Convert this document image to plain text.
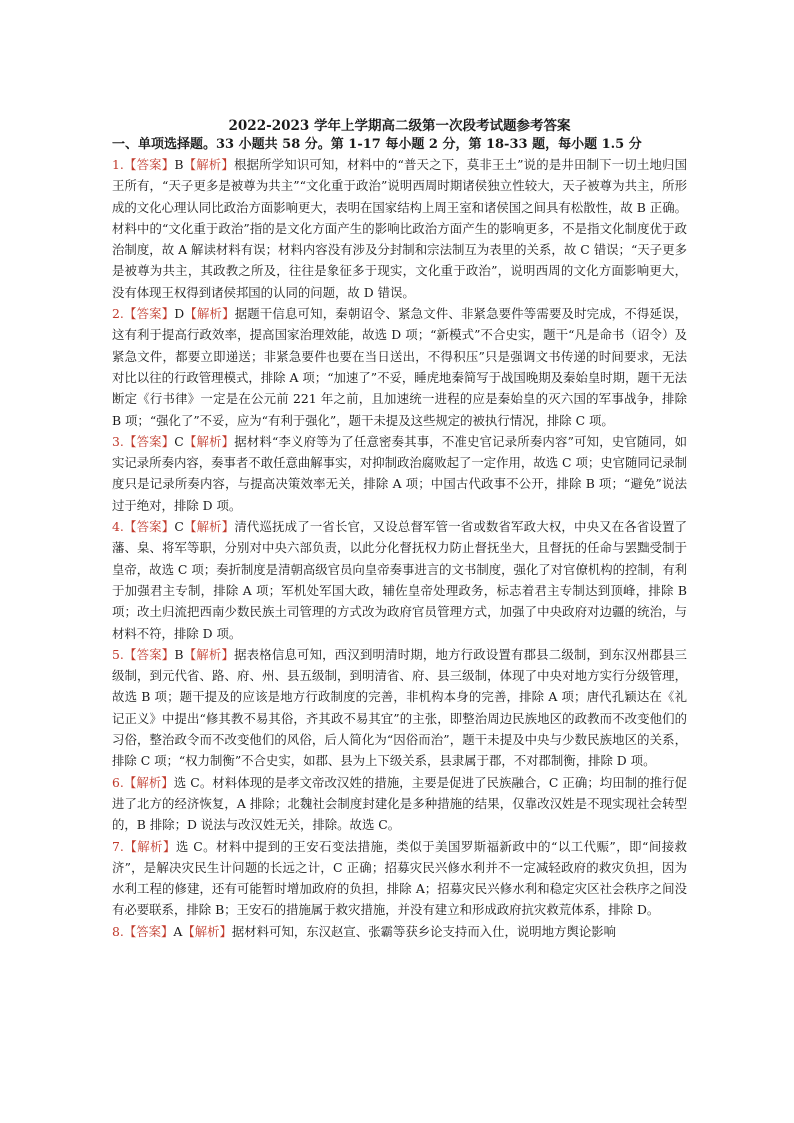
2022-2023 学年上学期高二级第一次段考试题参考答案

一、单项选择题。33 小题共 58 分。第 1-17 每小题 2 分，第 18-33 题，每小题 1.5 分

1.【答案】B【解析】根据所学知识可知，材料中的“普天之下，莫非王土”说的是井田制下一切土地归国王所有，“天子更多是被尊为共主”“文化重于政治”说明西周时期诸侯独立性较大，天子被尊为共主，所形成的文化心理认同比政治方面影响更大，表明在国家结构上周王室和诸侯国之间具有松散性，故 B 正确。材料中的“文化重于政治”指的是文化方面产生的影响比政治方面产生的影响更多，不是指文化制度优于政治制度，故 A 解读材料有误；材料内容没有涉及分封制和宗法制互为表里的关系，故 C 错误；“天子更多是被尊为共主，其政教之所及，往往是象征多于现实，文化重于政治”，说明西周的文化方面影响更大，没有体现王权得到诸侯邦国的认同的问题，故 D 错误。

2.【答案】D【解析】据题干信息可知，秦朝诏令、紧急文件、非紧急要件等需要及时完成，不得延误，这有利于提高行政效率，提高国家治理效能，故选 D 项；“新模式”不合史实，题干“凡是命书（诏令）及紧急文件，都要立即递送；非紧急要件也要在当日送出，不得积压”只是强调文书传递的时间要求，无法对比以往的行政管理模式，排除 A 项；“加速了”不妥，睡虎地秦简写于战国晚期及秦始皇时期，题干无法断定《行书律》一定是在公元前 221 年之前，且加速统一进程的应是秦始皇的灭六国的军事战争，排除 B 项；“强化了”不妥，应为“有利于强化”，题干未提及这些规定的被执行情况，排除 C 项。

3.【答案】C【解析】据材料“李义府等为了任意密奏其事，不准史官记录所奏内容”可知，史官随同，如实记录所奏内容，奏事者不敢任意曲解事实，对抑制政治腐败起了一定作用，故选 C 项；史官随同记录制度只是记录所奏内容，与提高决策效率无关，排除 A 项；中国古代政事不公开，排除 B 项；“避免”说法过于绝对，排除 D 项。

4.【答案】C【解析】清代巡抚成了一省长官，又设总督军管一省或数省军政大权，中央又在各省设置了藩、臬、将军等职，分别对中央六部负责，以此分化督抚权力防止督抚坐大，且督抚的任命与罢黜受制于皇帝，故选 C 项；奏折制度是清朝高级官员向皇帝奏事进言的文书制度，强化了对官僚机构的控制，有利于加强君主专制，排除 A 项；军机处军国大政，辅佐皇帝处理政务，标志着君主专制达到顶峰，排除 B 项；改土归流把西南少数民族土司管理的方式改为政府官员管理方式，加强了中央政府对边疆的统治，与材料不符，排除 D 项。

5.【答案】B【解析】据表格信息可知，西汉到明清时期，地方行政设置有郡县二级制，到东汉州郡县三级制，到元代省、路、府、州、县五级制，到明清省、府、县三级制，体现了中央对地方实行分级管理，故选 B 项；题干提及的应该是地方行政制度的完善，非机构本身的完善，排除 A 项；唐代孔颖达在《礼记正义》中提出“修其教不易其俗，齐其政不易其宜”的主张，即整治周边民族地区的政教而不改变他们的习俗，整治政令而不改变他们的风俗，后人简化为“因俗而治”，题干未提及中央与少数民族地区的关系，排除 C 项；“权力制衡”不合史实，如郡、县为上下级关系，县隶属于郡，不对郡制衡，排除 D 项。

6.【解析】选 C。材料体现的是孝文帝改汉姓的措施，主要是促进了民族融合，C 正确；均田制的推行促进了北方的经济恢复，A 排除；北魏社会制度封建化是多种措施的结果，仅靠改汉姓是不现实现社会转型的，B 排除；D 说法与改汉姓无关，排除。故选 C。

7.【解析】选 C。材料中提到的王安石变法措施，类似于美国罗斯福新政中的“以工代赈”，即“间接救济”，是解决灾民生计问题的长远之计，C 正确；招募灾民兴修水利并不一定减轻政府的救灾负担，因为水利工程的修建，还有可能暂时增加政府的负担，排除 A；招募灾民兴修水利和稳定灾区社会秩序之间没有必要联系，排除 B；王安石的措施属于救灾措施，并没有建立和形成政府抗灾救荒体系，排除 D。

8.【答案】A【解析】据材料可知，东汉赵宣、张霸等获乡论支持而入仕，说明地方舆论影响
